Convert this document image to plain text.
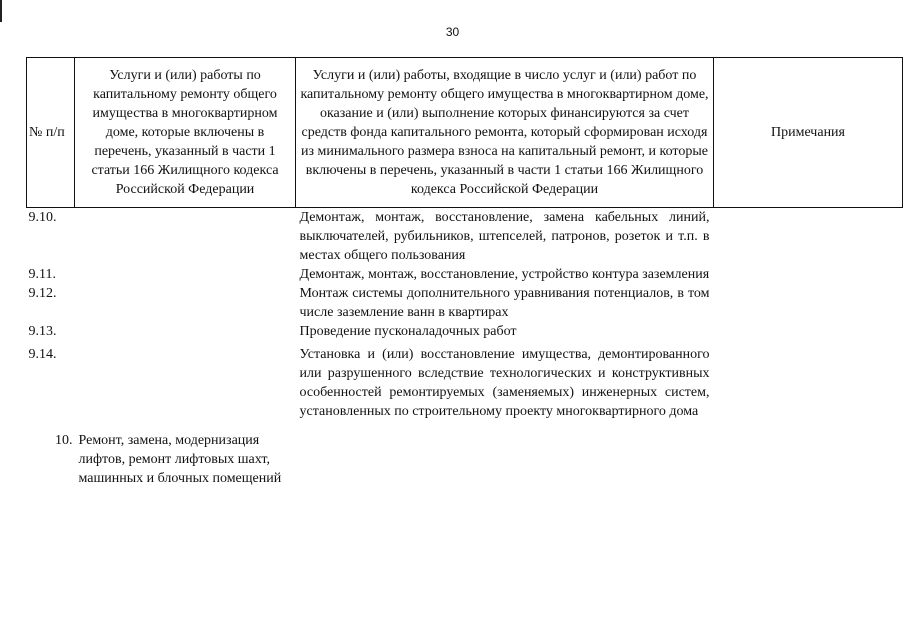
30
№ п/п	Услуги и (или) работы по капитальному ремонту общего имущества в многоквартирном доме, которые включены в перечень, указанный в части 1 статьи 166 Жилищного кодекса Российской Федерации	Услуги и (или) работы, входящие в число услуг и (или) работ по капитальному ремонту общего имущества в многоквартирном доме, оказание и (или) выполнение которых финансируются за счет средств фонда капитального ремонта, который сформирован исходя из минимального размера взноса на капитальный ремонт, и которые включены в перечень, указанный в части 1 статьи 166 Жилищного кодекса Российской Федерации	Примечания
9.10.		Демонтаж, монтаж, восстановление, замена кабельных линий, выключателей, рубильников, штепселей, патронов, розеток и т.п. в местах общего пользования	
9.11.		Демонтаж, монтаж, восстановление, устройство контура заземления	
9.12.		Монтаж системы дополнительного уравнивания потенциалов, в том числе заземление ванн в квартирах	
9.13.		Проведение пусконаладочных работ	
9.14.		Установка и (или) восстановление имущества, демонтированного или разрушенного вследствие технологических и конструктивных особенностей ремонтируемых (заменяемых) инженерных систем, установленных по строительному проекту многоквартирного дома	
10.	Ремонт, замена, модернизация лифтов, ремонт лифтовых шахт, машинных и блочных помещений		
